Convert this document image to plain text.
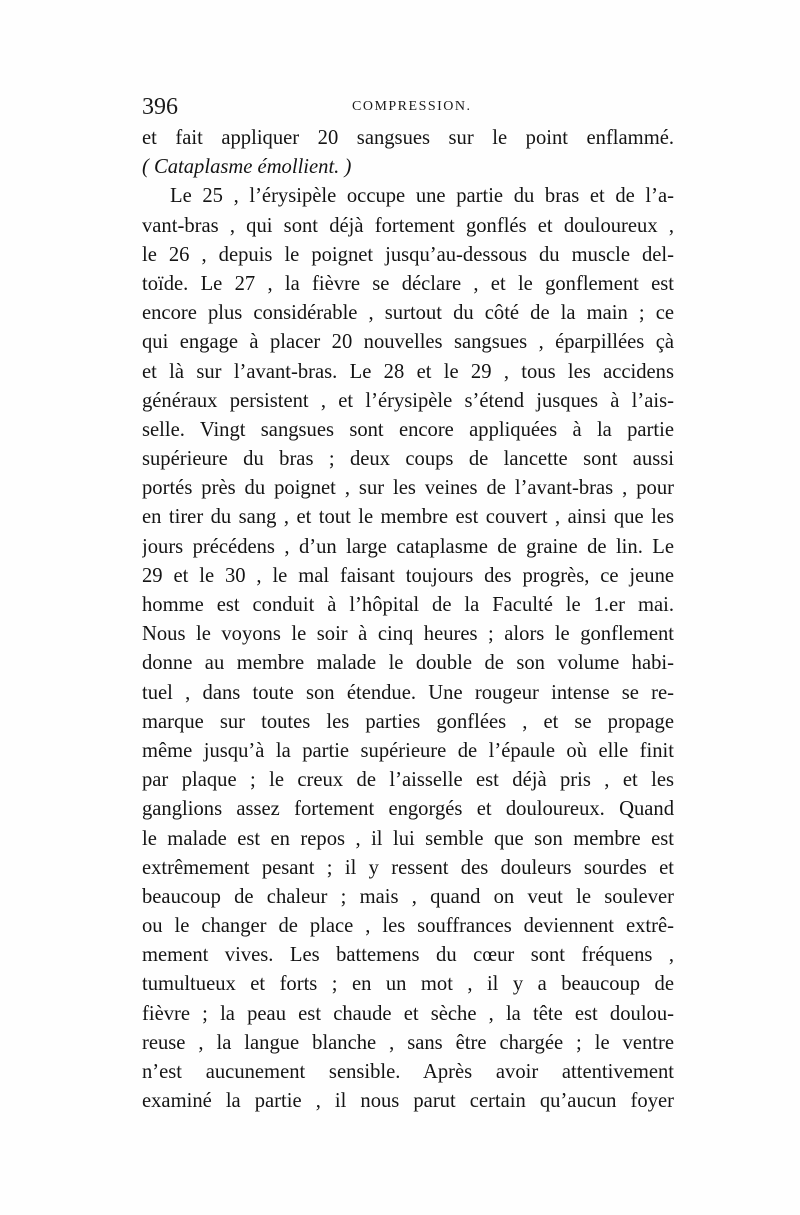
396	COMPRESSION.
et fait appliquer 20 sangsues sur le point enflammé.
( Cataplasme émollient. )
Le 25 , l’érysipèle occupe une partie du bras et de l’a-
vant-bras , qui sont déjà fortement gonflés et douloureux ,
le 26 , depuis le poignet jusqu’au-dessous du muscle del-
toïde. Le 27 , la fièvre se déclare , et le gonflement est
encore plus considérable , surtout du côté de la main ; ce
qui engage à placer 20 nouvelles sangsues , éparpillées çà
et là sur l’avant-bras. Le 28 et le 29 , tous les accidens
généraux persistent , et l’érysipèle s’étend jusques à l’ais-
selle. Vingt sangsues sont encore appliquées à la partie
supérieure du bras ; deux coups de lancette sont aussi
portés près du poignet , sur les veines de l’avant-bras , pour
en tirer du sang , et tout le membre est couvert , ainsi que les
jours précédens , d’un large cataplasme de graine de lin. Le
29 et le 30 , le mal faisant toujours des progrès, ce jeune
homme est conduit à l’hôpital de la Faculté le 1.er mai.
Nous le voyons le soir à cinq heures ; alors le gonflement
donne au membre malade le double de son volume habi-
tuel , dans toute son étendue. Une rougeur intense se re-
marque sur toutes les parties gonflées , et se propage
même jusqu’à la partie supérieure de l’épaule où elle finit
par plaque ; le creux de l’aisselle est déjà pris , et les
ganglions assez fortement engorgés et douloureux. Quand
le malade est en repos , il lui semble que son membre est
extrêmement pesant ; il y ressent des douleurs sourdes et
beaucoup de chaleur ; mais , quand on veut le soulever
ou le changer de place , les souffrances deviennent extrê-
mement vives. Les battemens du cœur sont fréquens ,
tumultueux et forts ; en un mot , il y a beaucoup de
fièvre ; la peau est chaude et sèche , la tête est doulou-
reuse , la langue blanche , sans être chargée ; le ventre
n’est aucunement sensible. Après avoir attentivement
examiné la partie , il nous parut certain qu’aucun foyer
